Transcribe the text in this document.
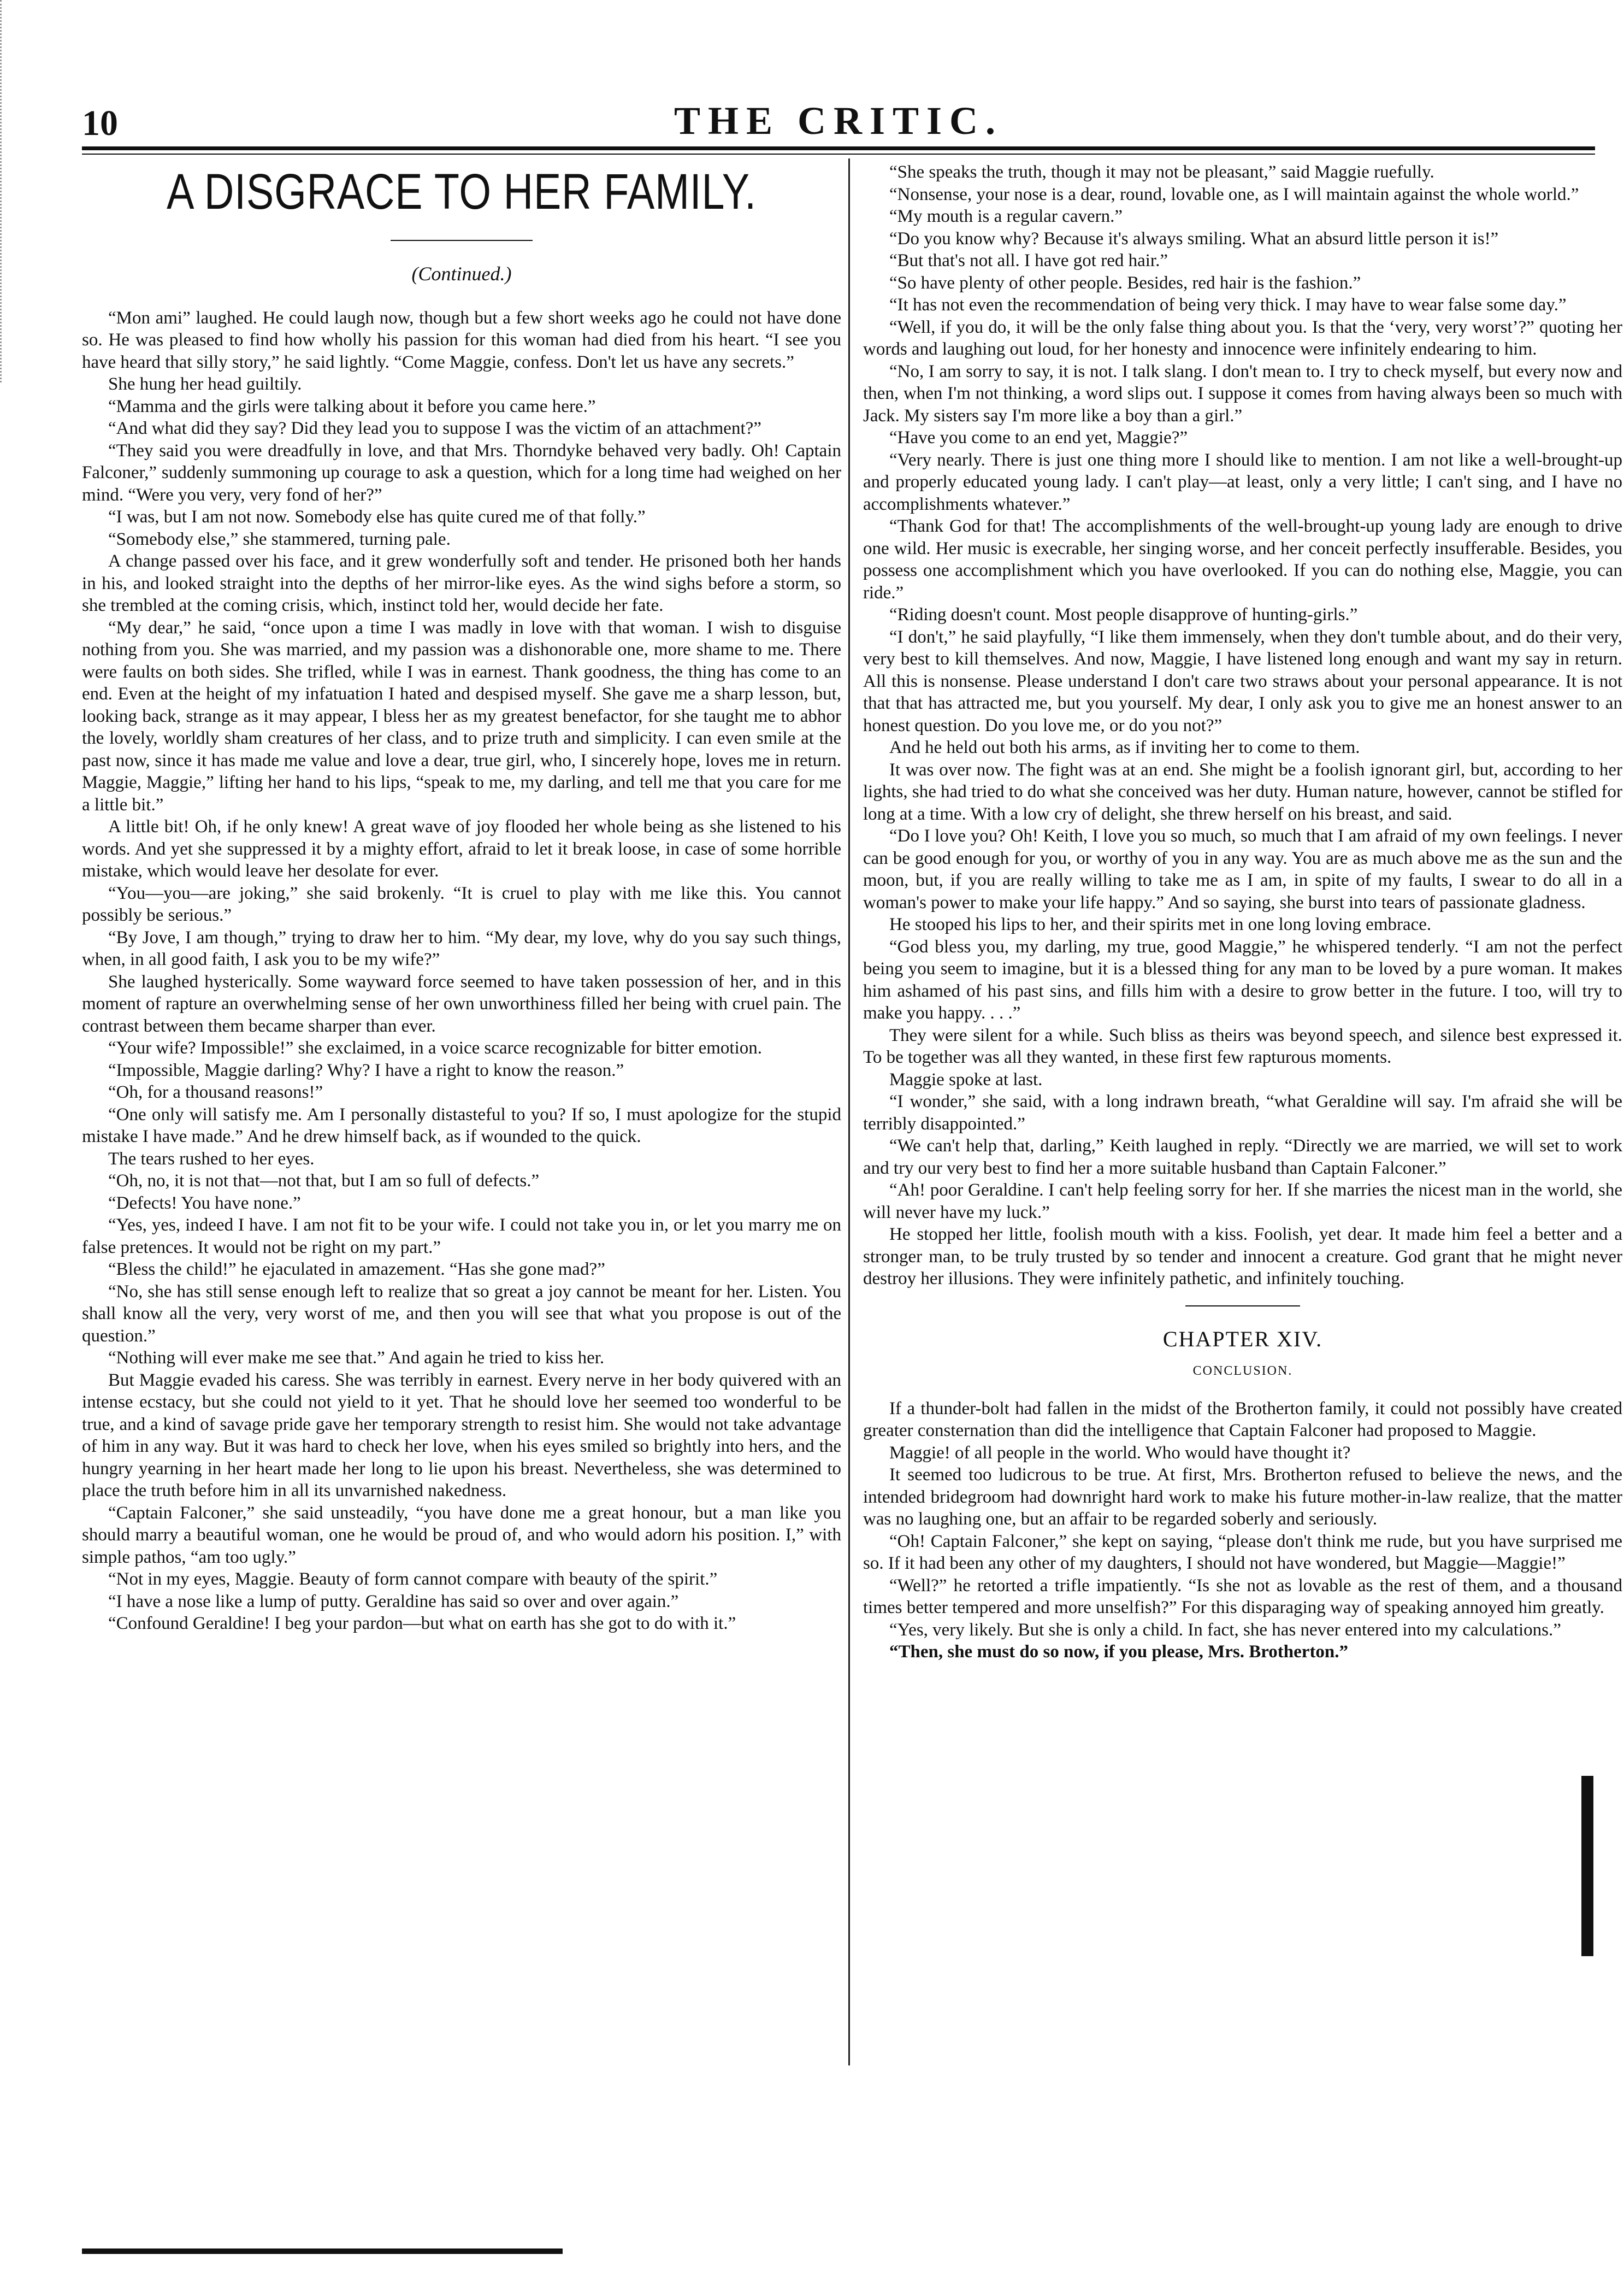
10	THE CRITIC.
A DISGRACE TO HER FAMILY.
(Continued.)

“Mon ami” laughed. He could laugh now, though but a few short weeks ago he could not have done so. He was pleased to find how wholly his passion for this woman had died from his heart. “I see you have heard that silly story,” he said lightly. “Come Maggie, confess. Don't let us have any secrets.”

She hung her head guiltily.

“Mamma and the girls were talking about it before you came here.”

“And what did they say? Did they lead you to suppose I was the victim of an attachment?”

“They said you were dreadfully in love, and that Mrs. Thorndyke behaved very badly. Oh! Captain Falconer,” suddenly summoning up courage to ask a question, which for a long time had weighed on her mind. “Were you very, very fond of her?”

“I was, but I am not now. Somebody else has quite cured me of that folly.”

“Somebody else,” she stammered, turning pale.

A change passed over his face, and it grew wonderfully soft and tender. He prisoned both her hands in his, and looked straight into the depths of her mirror-like eyes. As the wind sighs before a storm, so she trembled at the coming crisis, which, instinct told her, would decide her fate.

“My dear,” he said, “once upon a time I was madly in love with that woman. I wish to disguise nothing from you. She was married, and my passion was a dishonorable one, more shame to me. There were faults on both sides. She trifled, while I was in earnest. Thank goodness, the thing has come to an end. Even at the height of my infatuation I hated and despised myself. She gave me a sharp lesson, but, looking back, strange as it may appear, I bless her as my greatest benefactor, for she taught me to abhor the lovely, worldly sham creatures of her class, and to prize truth and simplicity. I can even smile at the past now, since it has made me value and love a dear, true girl, who, I sincerely hope, loves me in return. Maggie, Maggie,” lifting her hand to his lips, “speak to me, my darling, and tell me that you care for me a little bit.”

A little bit! Oh, if he only knew! A great wave of joy flooded her whole being as she listened to his words. And yet she suppressed it by a mighty effort, afraid to let it break loose, in case of some horrible mistake, which would leave her desolate for ever.

“You—you—are joking,” she said brokenly. “It is cruel to play with me like this. You cannot possibly be serious.”

“By Jove, I am though,” trying to draw her to him. “My dear, my love, why do you say such things, when, in all good faith, I ask you to be my wife?”

She laughed hysterically. Some wayward force seemed to have taken possession of her, and in this moment of rapture an overwhelming sense of her own unworthiness filled her being with cruel pain. The contrast between them became sharper than ever.

“Your wife? Impossible!” she exclaimed, in a voice scarce recognizable for bitter emotion.

“Impossible, Maggie darling? Why? I have a right to know the reason.”

“Oh, for a thousand reasons!”

“One only will satisfy me. Am I personally distasteful to you? If so, I must apologize for the stupid mistake I have made.” And he drew himself back, as if wounded to the quick.

The tears rushed to her eyes.

“Oh, no, it is not that—not that, but I am so full of defects.”

“Defects! You have none.”

“Yes, yes, indeed I have. I am not fit to be your wife. I could not take you in, or let you marry me on false pretences. It would not be right on my part.”

“Bless the child!” he ejaculated in amazement. “Has she gone mad?”

“No, she has still sense enough left to realize that so great a joy cannot be meant for her. Listen. You shall know all the very, very worst of me, and then you will see that what you propose is out of the question.”

“Nothing will ever make me see that.” And again he tried to kiss her.

But Maggie evaded his caress. She was terribly in earnest. Every nerve in her body quivered with an intense ecstacy, but she could not yield to it yet. That he should love her seemed too wonderful to be true, and a kind of savage pride gave her temporary strength to resist him. She would not take advantage of him in any way. But it was hard to check her love, when his eyes smiled so brightly into hers, and the hungry yearning in her heart made her long to lie upon his breast. Nevertheless, she was determined to place the truth before him in all its unvarnished nakedness.

“Captain Falconer,” she said unsteadily, “you have done me a great honour, but a man like you should marry a beautiful woman, one he would be proud of, and who would adorn his position. I,” with simple pathos, “am too ugly.”

“Not in my eyes, Maggie. Beauty of form cannot compare with beauty of the spirit.”

“I have a nose like a lump of putty. Geraldine has said so over and over again.”

“Confound Geraldine! I beg your pardon—but what on earth has she got to do with it.”

“She speaks the truth, though it may not be pleasant,” said Maggie ruefully.

“Nonsense, your nose is a dear, round, lovable one, as I will maintain against the whole world.”

“My mouth is a regular cavern.”

“Do you know why? Because it's always smiling. What an absurd little person it is!”

“But that's not all. I have got red hair.”

“So have plenty of other people. Besides, red hair is the fashion.”

“It has not even the recommendation of being very thick. I may have to wear false some day.”

“Well, if you do, it will be the only false thing about you. Is that the ‘very, very worst’?” quoting her words and laughing out loud, for her honesty and innocence were infinitely endearing to him.

“No, I am sorry to say, it is not. I talk slang. I don't mean to. I try to check myself, but every now and then, when I'm not thinking, a word slips out. I suppose it comes from having always been so much with Jack. My sisters say I'm more like a boy than a girl.”

“Have you come to an end yet, Maggie?”

“Very nearly. There is just one thing more I should like to mention. I am not like a well-brought-up and properly educated young lady. I can't play—at least, only a very little; I can't sing, and I have no accomplishments whatever.”

“Thank God for that! The accomplishments of the well-brought-up young lady are enough to drive one wild. Her music is execrable, her singing worse, and her conceit perfectly insufferable. Besides, you possess one accomplishment which you have overlooked. If you can do nothing else, Maggie, you can ride.”

“Riding doesn't count. Most people disapprove of hunting-girls.”

“I don't,” he said playfully, “I like them immensely, when they don't tumble about, and do their very, very best to kill themselves. And now, Maggie, I have listened long enough and want my say in return. All this is nonsense. Please understand I don't care two straws about your personal appearance. It is not that that has attracted me, but you yourself. My dear, I only ask you to give me an honest answer to an honest question. Do you love me, or do you not?”

And he held out both his arms, as if inviting her to come to them.

It was over now. The fight was at an end. She might be a foolish ignorant girl, but, according to her lights, she had tried to do what she conceived was her duty. Human nature, however, cannot be stifled for long at a time. With a low cry of delight, she threw herself on his breast, and said.

“Do I love you? Oh! Keith, I love you so much, so much that I am afraid of my own feelings. I never can be good enough for you, or worthy of you in any way. You are as much above me as the sun and the moon, but, if you are really willing to take me as I am, in spite of my faults, I swear to do all in a woman's power to make your life happy.” And so saying, she burst into tears of passionate gladness.

He stooped his lips to her, and their spirits met in one long loving embrace.

“God bless you, my darling, my true, good Maggie,” he whispered tenderly. “I am not the perfect being you seem to imagine, but it is a blessed thing for any man to be loved by a pure woman. It makes him ashamed of his past sins, and fills him with a desire to grow better in the future. I too, will try to make you happy. . . .”

They were silent for a while. Such bliss as theirs was beyond speech, and silence best expressed it. To be together was all they wanted, in these first few rapturous moments.

Maggie spoke at last.

“I wonder,” she said, with a long indrawn breath, “what Geraldine will say. I'm afraid she will be terribly disappointed.”

“We can't help that, darling,” Keith laughed in reply. “Directly we are married, we will set to work and try our very best to find her a more suitable husband than Captain Falconer.”

“Ah! poor Geraldine. I can't help feeling sorry for her. If she marries the nicest man in the world, she will never have my luck.”

He stopped her little, foolish mouth with a kiss. Foolish, yet dear. It made him feel a better and a stronger man, to be truly trusted by so tender and innocent a creature. God grant that he might never destroy her illusions. They were infinitely pathetic, and infinitely touching.

CHAPTER XIV.
CONCLUSION.

If a thunder-bolt had fallen in the midst of the Brotherton family, it could not possibly have created greater consternation than did the intelligence that Captain Falconer had proposed to Maggie.

Maggie! of all people in the world. Who would have thought it?

It seemed too ludicrous to be true. At first, Mrs. Brotherton refused to believe the news, and the intended bridegroom had downright hard work to make his future mother-in-law realize, that the matter was no laughing one, but an affair to be regarded soberly and seriously.

“Oh! Captain Falconer,” she kept on saying, “please don't think me rude, but you have surprised me so. If it had been any other of my daughters, I should not have wondered, but Maggie—Maggie!”

“Well?” he retorted a trifle impatiently. “Is she not as lovable as the rest of them, and a thousand times better tempered and more unselfish?” For this disparaging way of speaking annoyed him greatly.

“Yes, very likely. But she is only a child. In fact, she has never entered into my calculations.”

“Then, she must do so now, if you please, Mrs. Brotherton.”
